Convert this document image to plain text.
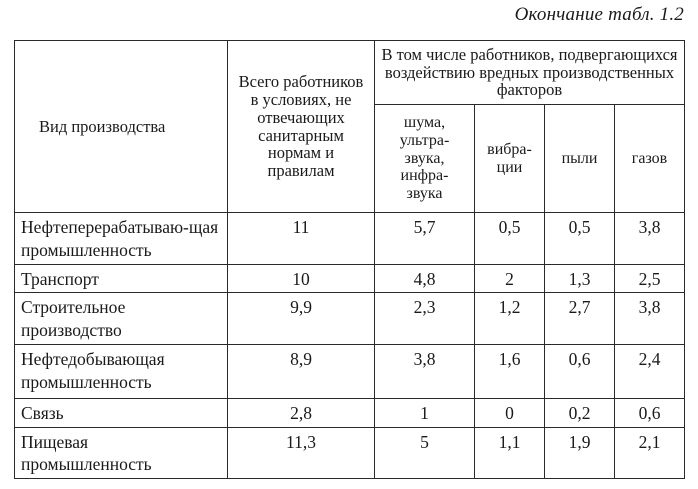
Окончание табл. 1.2
Вид производства	Всего работников в условиях, не отвечающих санитарным нормам и правилам	В том числе работников, подвергающихся воздействию вредных производственных факторов			
		шума, ультра-звука, инфра-звука	вибра-ции	пыли	газов
Нефтеперерабатываю-щая промышленность	11	5,7	0,5	0,5	3,8
Транспорт	10	4,8	2	1,3	2,5
Строительное производство	9,9	2,3	1,2	2,7	3,8
Нефтедобывающая промышленность	8,9	3,8	1,6	0,6	2,4
Связь	2,8	1	0	0,2	0,6
Пищевая промышленность	11,3	5	1,1	1,9	2,1
